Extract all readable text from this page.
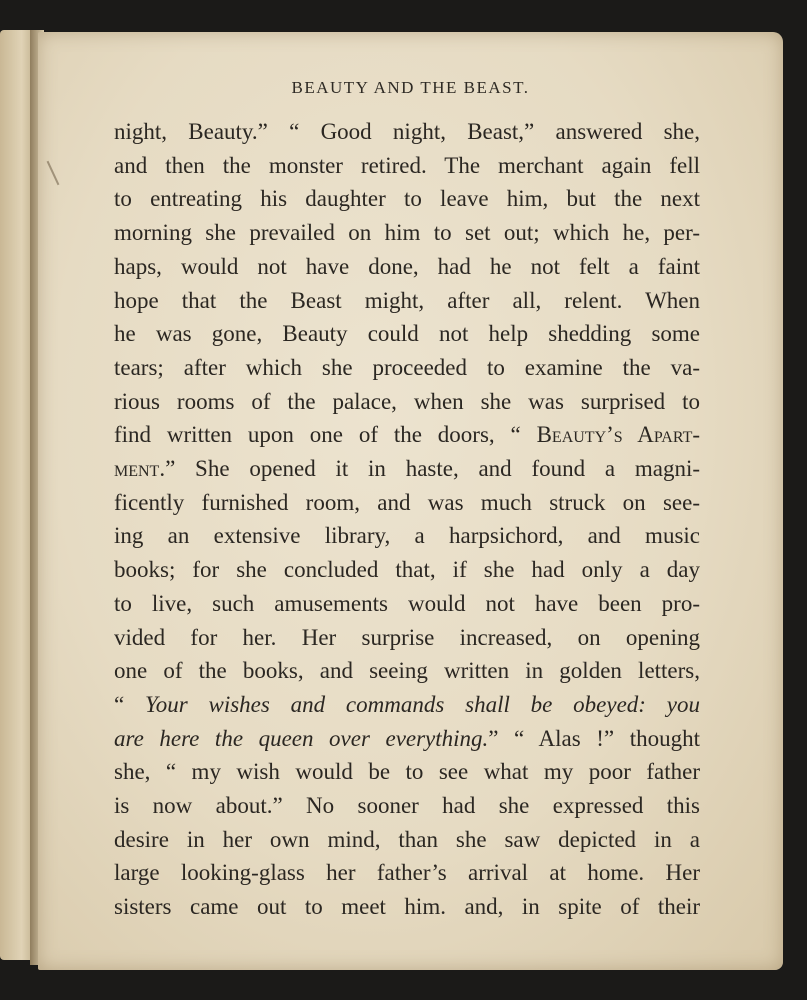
BEAUTY AND THE BEAST.
night, Beauty.” “ Good night, Beast,” answered she,
and then the monster retired. The merchant again fell
to entreating his daughter to leave him, but the next
morning she prevailed on him to set out; which he, per-
haps, would not have done, had he not felt a faint
hope that the Beast might, after all, relent. When
he was gone, Beauty could not help shedding some
tears; after which she proceeded to examine the va-
rious rooms of the palace, when she was surprised to
find written upon one of the doors, “ Beauty’s Apart-
ment.” She opened it in haste, and found a magni-
ficently furnished room, and was much struck on see-
ing an extensive library, a harpsichord, and music
books; for she concluded that, if she had only a day
to live, such amusements would not have been pro-
vided for her. Her surprise increased, on opening
one of the books, and seeing written in golden letters,
“ Your wishes and commands shall be obeyed: you
are here the queen over everything.” “ Alas !” thought
she, “ my wish would be to see what my poor father
is now about.” No sooner had she expressed this
desire in her own mind, than she saw depicted in a
large looking-glass her father’s arrival at home. Her
sisters came out to meet him. and, in spite of their
